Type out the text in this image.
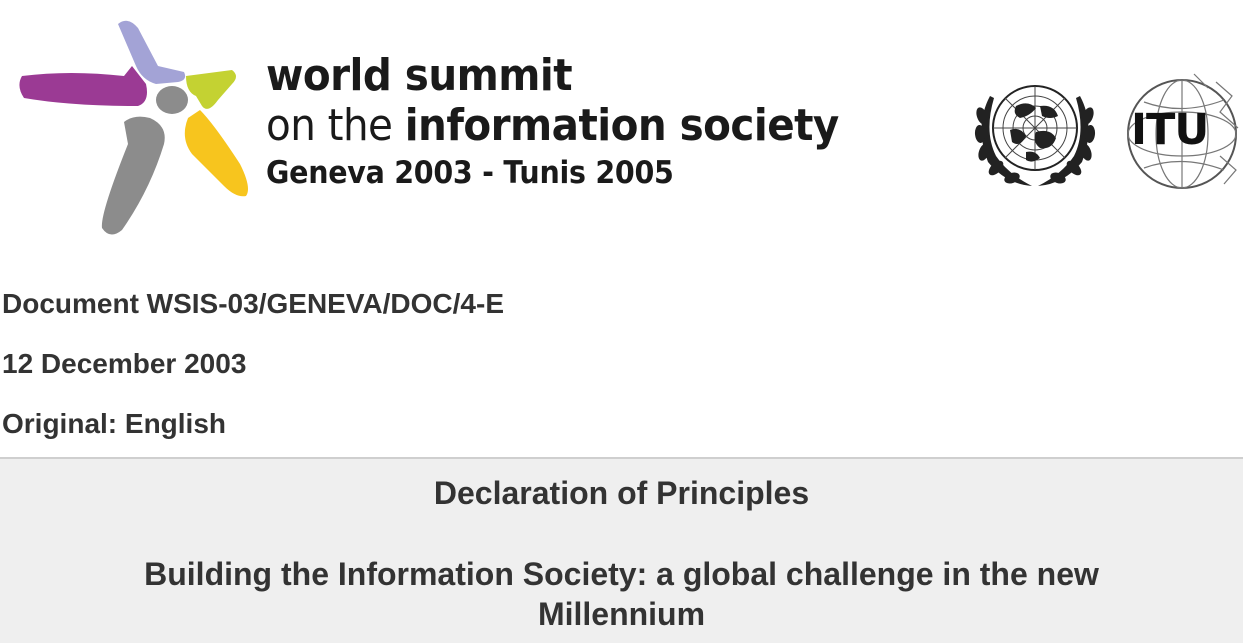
world summit
on the information society
Geneva 2003 - Tunis 2005
ITU
Document WSIS-03/GENEVA/DOC/4-E
12 December 2003
Original: English
Declaration of Principles
Building the Information Society: a global challenge in the new Millennium
